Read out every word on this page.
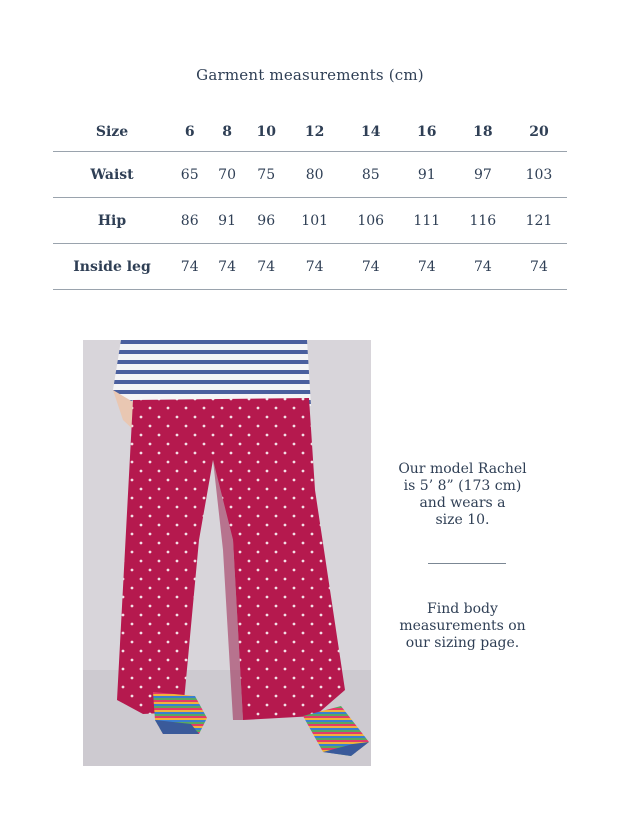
Garment measurements (cm)
Size	6	8	10	12	14	16	18	20
Waist	65	70	75	80	85	91	97	103
Hip	86	91	96	101	106	111	116	121
Inside leg	74	74	74	74	74	74	74	74
Our model Rachel
is 5’ 8” (173 cm)
and wears a
size 10.
Find body
measurements on
our sizing page.
